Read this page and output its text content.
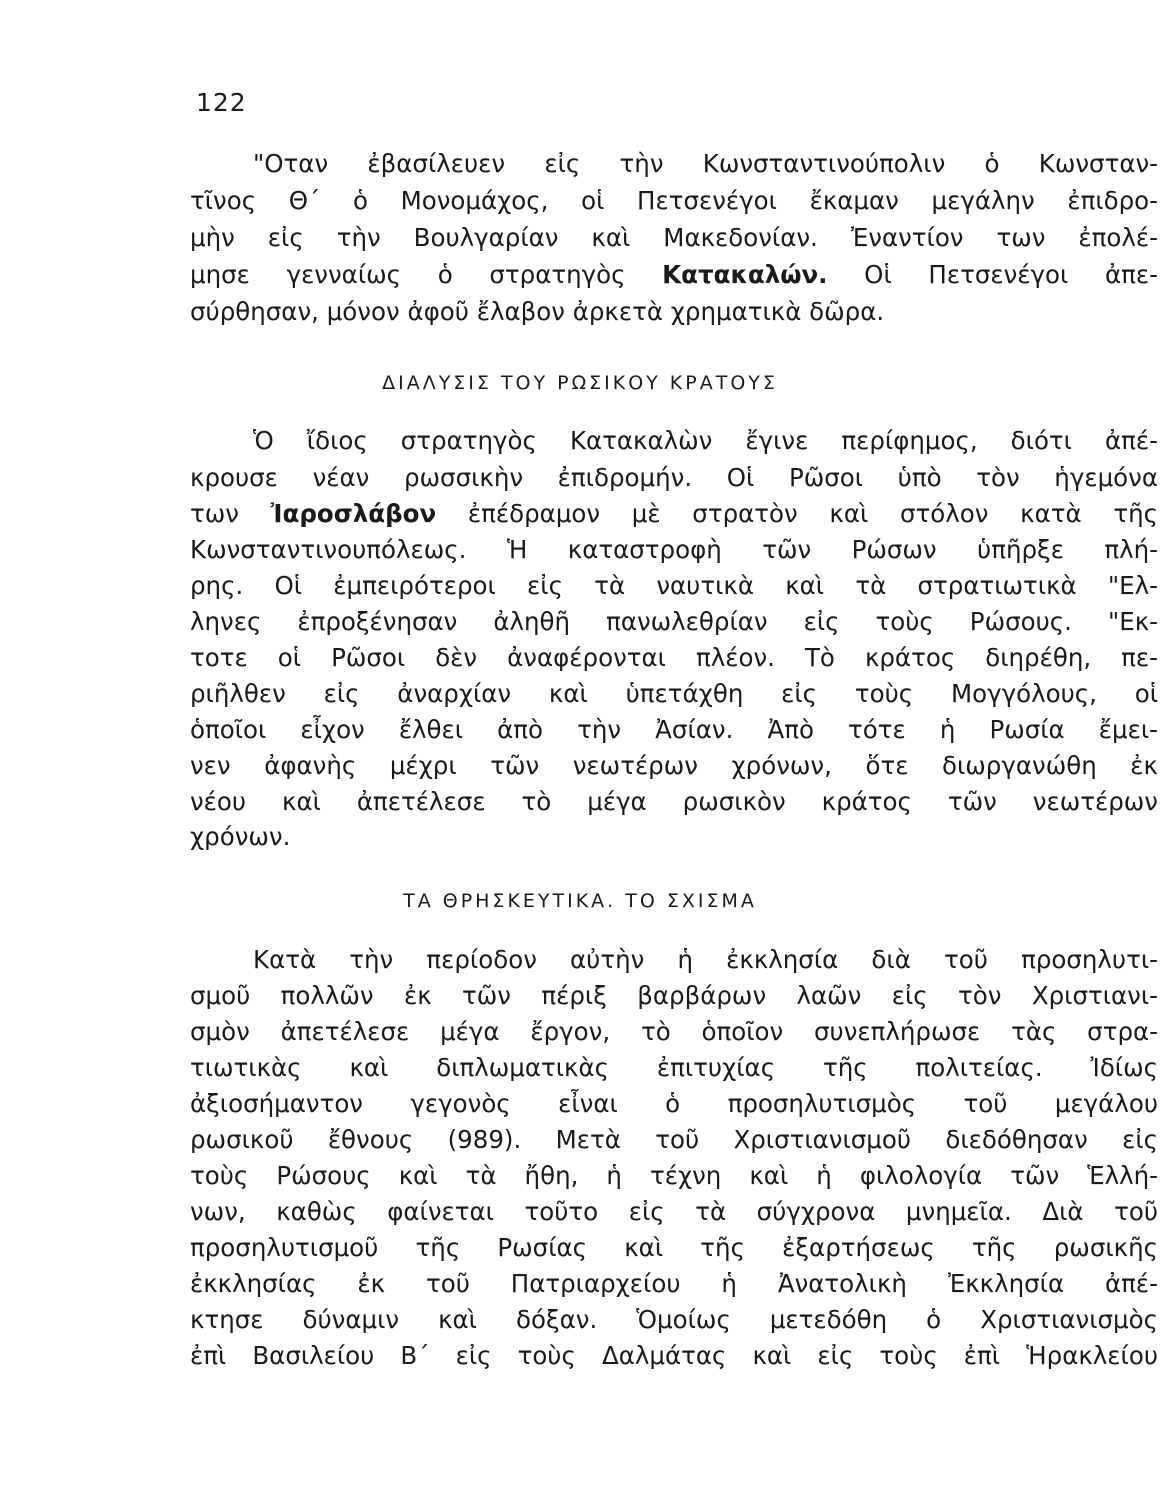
122
"Οταν ἐβασίλευεν εἰς τὴν Κωνσταντινούπολιν ὁ Κωνσταν-
τῖνος Θ΄ ὁ Μονομάχος, οἱ Πετσενέγοι ἔκαμαν μεγάλην ἐπιδρο-
μὴν εἰς τὴν Βουλγαρίαν καὶ Μακεδονίαν. Ἐναντίον των ἐπολέ-
μησε γενναίως ὁ στρατηγὸς Κατακαλών. Οἱ Πετσενέγοι ἀπε-
σύρθησαν, μόνον ἀφοῦ ἔλαβον ἀρκετὰ χρηματικὰ δῶρα.
ΔΙΑΛΥΣΙΣ ΤΟΥ ΡΩΣΙΚΟΥ ΚΡΑΤΟΥΣ
Ὁ ἴδιος στρατηγὸς Κατακαλὼν ἔγινε περίφημος, διότι ἀπέ-
κρουσε νέαν ρωσσικὴν ἐπιδρομήν. Οἱ Ρῶσοι ὑπὸ τὸν ἡγεμόνα
των Ἰαροσλάβον ἐπέδραμον μὲ στρατὸν καὶ στόλον κατὰ τῆς
Κωνσταντινουπόλεως. Ἡ καταστροφὴ τῶν Ρώσων ὑπῆρξε πλή-
ρης. Οἱ ἐμπειρότεροι εἰς τὰ ναυτικὰ καὶ τὰ στρατιωτικὰ "Ελ-
ληνες ἐπροξένησαν ἀληθῆ πανωλεθρίαν εἰς τοὺς Ρώσους. "Εκ-
τοτε οἱ Ρῶσοι δὲν ἀναφέρονται πλέον. Τὸ κράτος διηρέθη, πε-
ριῆλθεν εἰς ἀναρχίαν καὶ ὑπετάχθη εἰς τοὺς Μογγόλους, οἱ
ὁποῖοι εἶχον ἔλθει ἀπὸ τὴν Ἀσίαν. Ἀπὸ τότε ἡ Ρωσία ἔμει-
νεν ἀφανὴς μέχρι τῶν νεωτέρων χρόνων, ὅτε διωργανώθη ἐκ
νέου καὶ ἀπετέλεσε τὸ μέγα ρωσικὸν κράτος τῶν νεωτέρων
χρόνων.
ΤΑ ΘΡΗΣΚΕΥΤΙΚΑ. ΤΟ ΣΧΙΣΜΑ
Κατὰ τὴν περίοδον αὐτὴν ἡ ἐκκλησία διὰ τοῦ προσηλυτι-
σμοῦ πολλῶν ἐκ τῶν πέριξ βαρβάρων λαῶν εἰς τὸν Χριστιανι-
σμὸν ἀπετέλεσε μέγα ἔργον, τὸ ὁποῖον συνεπλήρωσε τὰς στρα-
τιωτικὰς καὶ διπλωματικὰς ἐπιτυχίας τῆς πολιτείας. Ἰδίως
ἀξιοσήμαντον γεγονὸς εἶναι ὁ προσηλυτισμὸς τοῦ μεγάλου
ρωσικοῦ ἔθνους (989). Μετὰ τοῦ Χριστιανισμοῦ διεδόθησαν εἰς
τοὺς Ρώσους καὶ τὰ ἤθη, ἡ τέχνη καὶ ἡ φιλολογία τῶν Ἑλλή-
νων, καθὼς φαίνεται τοῦτο εἰς τὰ σύγχρονα μνημεῖα. Διὰ τοῦ
προσηλυτισμοῦ τῆς Ρωσίας καὶ τῆς ἐξαρτήσεως τῆς ρωσικῆς
ἐκκλησίας ἐκ τοῦ Πατριαρχείου ἡ Ἀνατολικὴ Ἐκκλησία ἀπέ-
κτησε δύναμιν καὶ δόξαν. Ὁμοίως μετεδόθη ὁ Χριστιανισμὸς
ἐπὶ Βασιλείου Β΄ εἰς τοὺς Δαλμάτας καὶ εἰς τοὺς ἐπὶ Ἡρακλείου
